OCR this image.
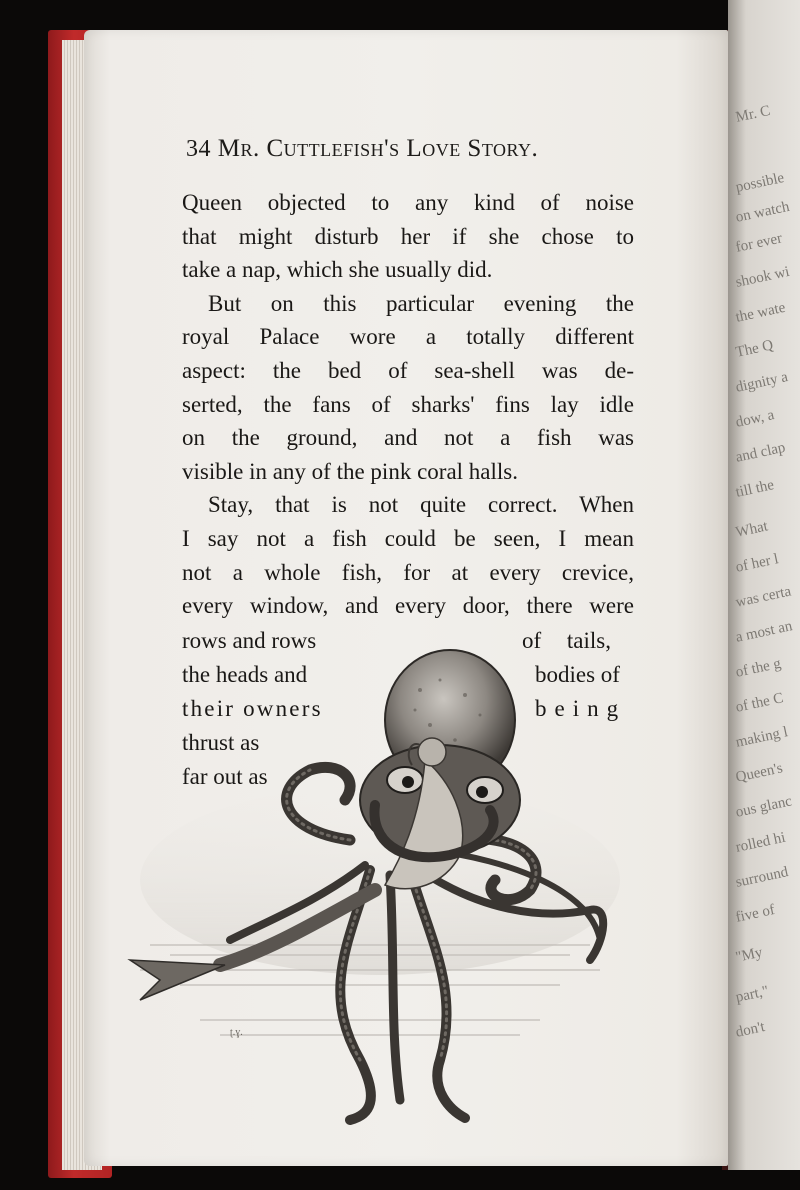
Mr. C
possible
on watch
for ever
shook wi
the wate
The Q
dignity a
dow, a
and clap
till the
What
of her l
was certa
a most an
of the g
of the C
making l
Queen's
ous glanc
rolled hi
surround
five of
"My
part,"
don't
34 Mr. Cuttlefish's Love Story.
Queen objected to any kind of noise
that might disturb her if she chose to
take a nap, which she usually did.
But on this particular evening the
royal Palace wore a totally different
aspect: the bed of sea-shell was de-
serted, the fans of sharks' fins lay idle
on the ground, and not a fish was
visible in any of the pink coral halls.
Stay, that is not quite correct. When
I say not a fish could be seen, I mean
not a whole fish, for at every crevice,
every window, and every door, there were
rows and rows
the heads and
their owners
thrust as
far out as
of tails,
bodies of
being
ʈ.ɣ.
